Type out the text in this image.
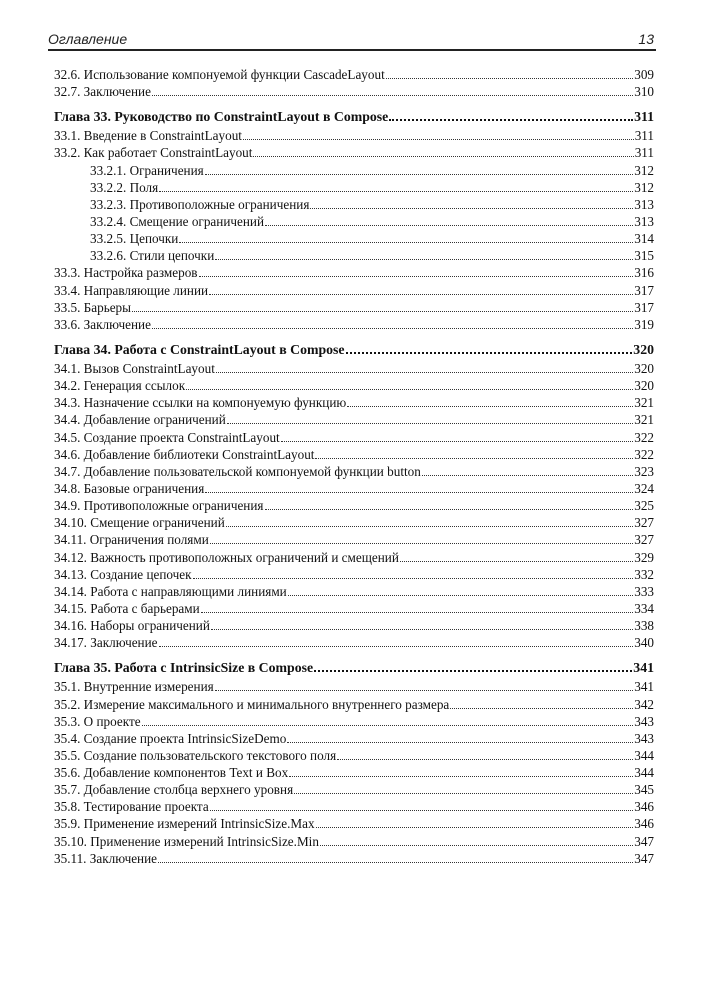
Оглавление	13
32.6. Использование компонуемой функции CascadeLayout	309
32.7. Заключение	310
Глава 33. Руководство по ConstraintLayout в Compose	311
33.1. Введение в ConstraintLayout	311
33.2. Как работает ConstraintLayout	311
33.2.1. Ограничения	312
33.2.2. Поля	312
33.2.3. Противоположные ограничения	313
33.2.4. Смещение ограничений	313
33.2.5. Цепочки	314
33.2.6. Стили цепочки	315
33.3. Настройка размеров	316
33.4. Направляющие линии	317
33.5. Барьеры	317
33.6. Заключение	319
Глава 34. Работа с ConstraintLayout в Compose	320
34.1. Вызов ConstraintLayout	320
34.2. Генерация ссылок	320
34.3. Назначение ссылки на компонуемую функцию	321
34.4. Добавление ограничений	321
34.5. Создание проекта ConstraintLayout	322
34.6. Добавление библиотеки ConstraintLayout	322
34.7. Добавление пользовательской компонуемой функции button	323
34.8. Базовые ограничения	324
34.9. Противоположные ограничения	325
34.10. Смещение ограничений	327
34.11. Ограничения полями	327
34.12. Важность противоположных ограничений и смещений	329
34.13. Создание цепочек	332
34.14. Работа с направляющими линиями	333
34.15. Работа с барьерами	334
34.16. Наборы ограничений	338
34.17. Заключение	340
Глава 35. Работа с IntrinsicSize в Compose	341
35.1. Внутренние измерения	341
35.2. Измерение максимального и минимального внутреннего размера	342
35.3. О проекте	343
35.4. Создание проекта IntrinsicSizeDemo	343
35.5. Создание пользовательского текстового поля	344
35.6. Добавление компонентов Text и Box	344
35.7. Добавление столбца верхнего уровня	345
35.8. Тестирование проекта	346
35.9. Применение измерений IntrinsicSize.Max	346
35.10. Применение измерений IntrinsicSize.Min	347
35.11. Заключение	347
